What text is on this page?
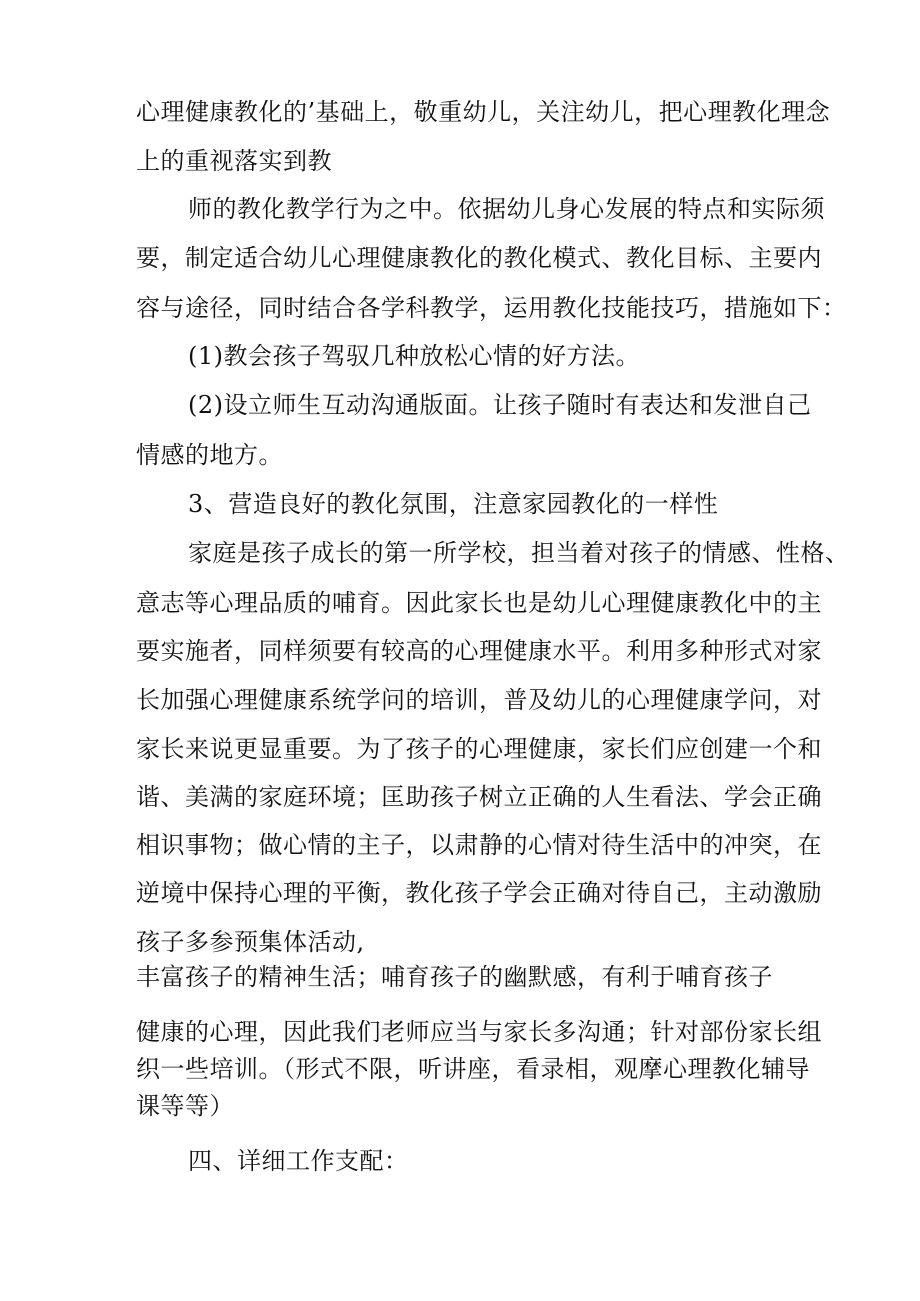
心理健康教化的’基础上，敬重幼儿，关注幼儿，把心理教化理念

上的重视落实到教

师的教化教学行为之中。依据幼儿身心发展的特点和实际须

要，制定适合幼儿心理健康教化的教化模式、教化目标、主要内

容与途径，同时结合各学科教学，运用教化技能技巧，措施如下：

(1)教会孩子驾驭几种放松心情的好方法。

(2)设立师生互动沟通版面。让孩子随时有表达和发泄自己

情感的地方。

3、营造良好的教化氛围，注意家园教化的一样性

家庭是孩子成长的第一所学校，担当着对孩子的情感、性格、

意志等心理品质的哺育。因此家长也是幼儿心理健康教化中的主

要实施者，同样须要有较高的心理健康水平。利用多种形式对家

长加强心理健康系统学问的培训，普及幼儿的心理健康学问，对

家长来说更显重要。为了孩子的心理健康，家长们应创建一个和

谐、美满的家庭环境；匡助孩子树立正确的人生看法、学会正确

相识事物；做心情的主子，以肃静的心情对待生活中的冲突，在

逆境中保持心理的平衡，教化孩子学会正确对待自己，主动激励

孩子多参预集体活动,

丰富孩子的精神生活；哺育孩子的幽默感，有利于哺育孩子

健康的心理，因此我们老师应当与家长多沟通；针对部份家长组

织一些培训。（形式不限，听讲座，看录相，观摩心理教化辅导

课等等）

四、详细工作支配：
